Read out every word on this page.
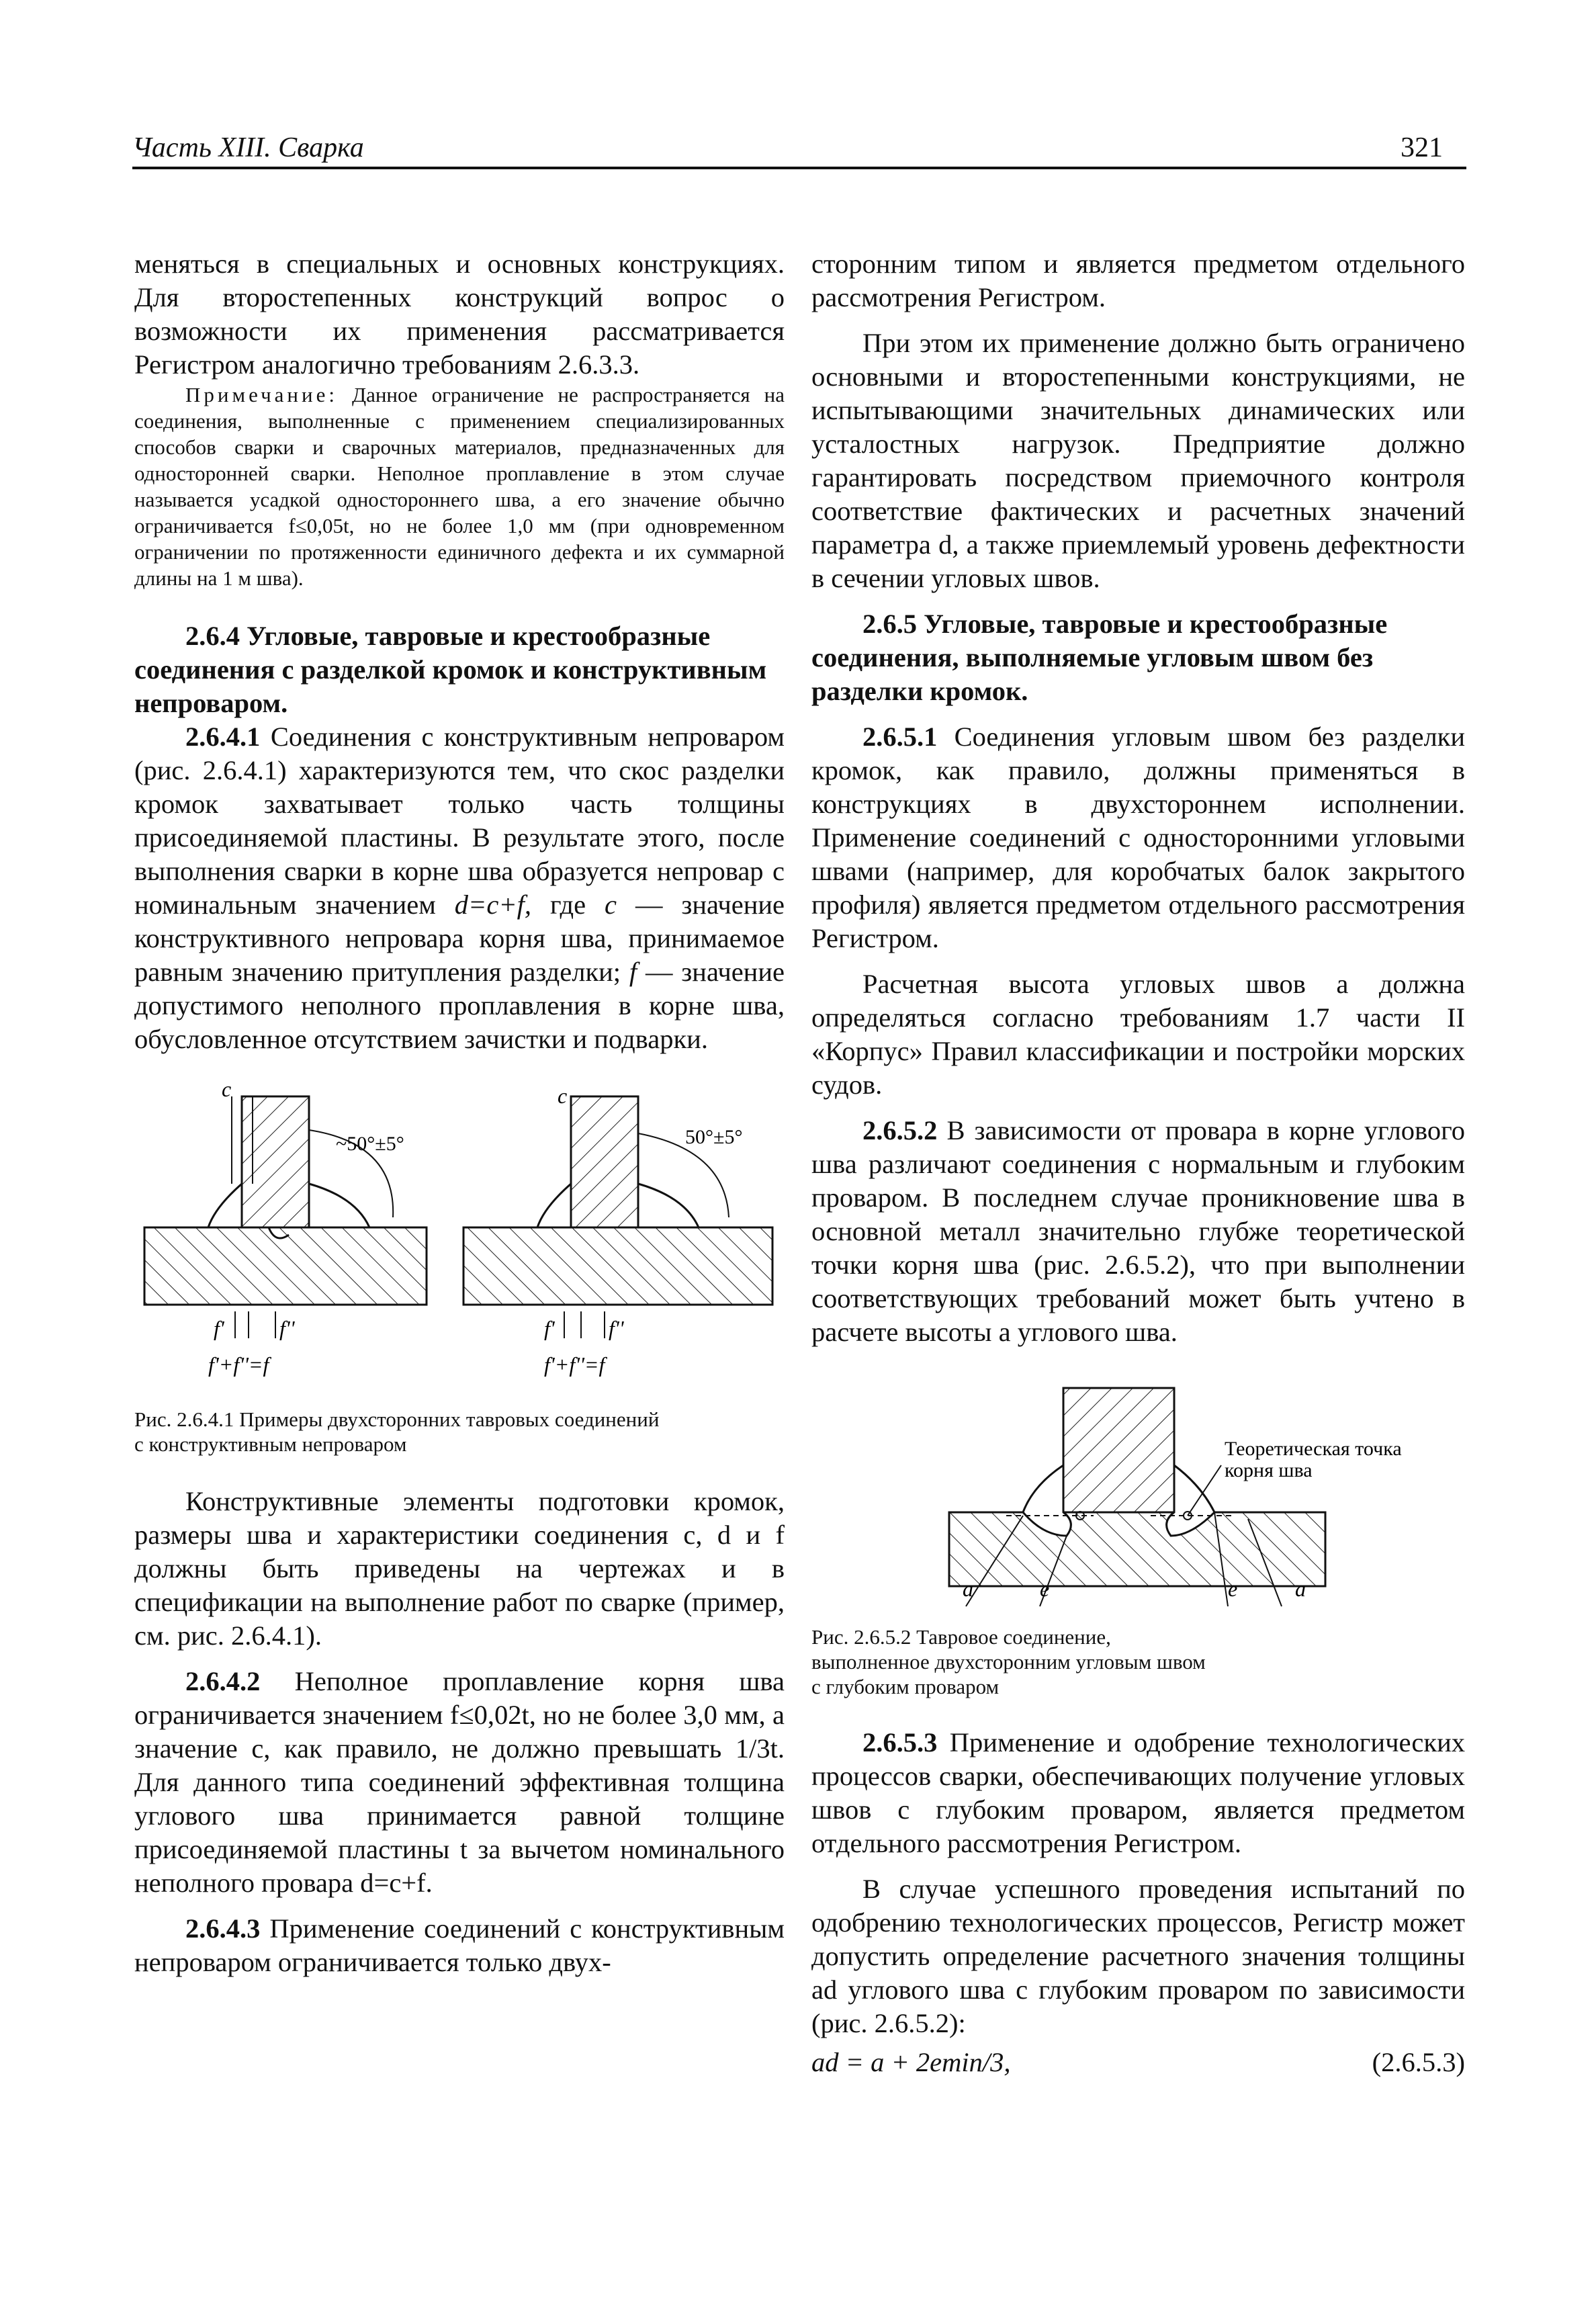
Часть XIII. Сварка	321

меняться в специальных и основных конструкциях. Для второстепенных конструкций вопрос о возможности их применения рассматривается Регистром аналогично требованиям 2.6.3.3.

Примечание: Данное ограничение не распространяется на соединения, выполненные с применением специализированных способов сварки и сварочных материалов, предназначенных для односторонней сварки. Неполное проплавление в этом случае называется усадкой одностороннего шва, а его значение обычно ограничивается f≤0,05t, но не более 1,0 мм (при одновременном ограничении по протяженности единичного дефекта и их суммарной длины на 1 м шва).

2.6.4 Угловые, тавровые и крестообразные соединения с разделкой кромок и конструктивным непроваром.

2.6.4.1 Соединения с конструктивным непроваром (рис. 2.6.4.1) характеризуются тем, что скос разделки кромок захватывает только часть толщины присоединяемой пластины. В результате этого, после выполнения сварки в корне шва образуется непровар с номинальным значением d=c+f, где c — значение конструктивного непровара корня шва, принимаемое равным значению притупления разделки; f — значение допустимого неполного проплавления в корне шва, обусловленное отсутствием зачистки и подварки.

c
f'	f''
f'+f''=f
~50°±5°
c
f'	f''
f'+f''=f
50°±5°

Рис. 2.6.4.1 Примеры двухсторонних тавровых соединений

с конструктивным непроваром

Конструктивные элементы подготовки кромок, размеры шва и характеристики соединения c, d и f должны быть приведены на чертежах и в спецификации на выполнение работ по сварке (пример, см. рис. 2.6.4.1).

2.6.4.2 Неполное проплавление корня шва ограничивается значением f≤0,02t, но не более 3,0 мм, а значение c, как правило, не должно превышать 1/3t. Для данного типа соединений эффективная толщина углового шва принимается равной толщине присоединяемой пластины t за вычетом номинального неполного провара d=c+f.

2.6.4.3 Применение соединений с конструктивным непроваром ограничивается только двух-

сторонним типом и является предметом отдельного рассмотрения Регистром.

При этом их применение должно быть ограничено основными и второстепенными конструкциями, не испытывающими значительных динамических или усталостных нагрузок. Предприятие должно гарантировать посредством приемочного контроля соответствие фактических и расчетных значений параметра d, а также приемлемый уровень дефектности в сечении угловых швов.

2.6.5 Угловые, тавровые и крестообразные соединения, выполняемые угловым швом без разделки кромок.

2.6.5.1 Соединения угловым швом без разделки кромок, как правило, должны применяться в конструкциях в двухстороннем исполнении. Применение соединений с односторонними угловыми швами (например, для коробчатых балок закрытого профиля) является предметом отдельного рассмотрения Регистром.

Расчетная высота угловых швов a должна определяться согласно требованиям 1.7 части II «Корпус» Правил классификации и постройки морских судов.

2.6.5.2 В зависимости от провара в корне углового шва различают соединения с нормальным и глубоким проваром. В последнем случае проникновение шва в основной металл значительно глубже теоретической точки корня шва (рис. 2.6.5.2), что при выполнении соответствующих требований может быть учтено в расчете высоты a углового шва.

Теоретическая точка
корня шва
a	e	e	a

Рис. 2.6.5.2 Тавровое соединение,

выполненное двухсторонним угловым швом

с глубоким проваром

2.6.5.3 Применение и одобрение технологических процессов сварки, обеспечивающих получение угловых швов с глубоким проваром, является предметом отдельного рассмотрения Регистром.

В случае успешного проведения испытаний по одобрению технологических процессов, Регистр может допустить определение расчетного значения толщины ad углового шва с глубоким проваром по зависимости (рис. 2.6.5.2):

ad = a + 2emin/3,	(2.6.5.3)
